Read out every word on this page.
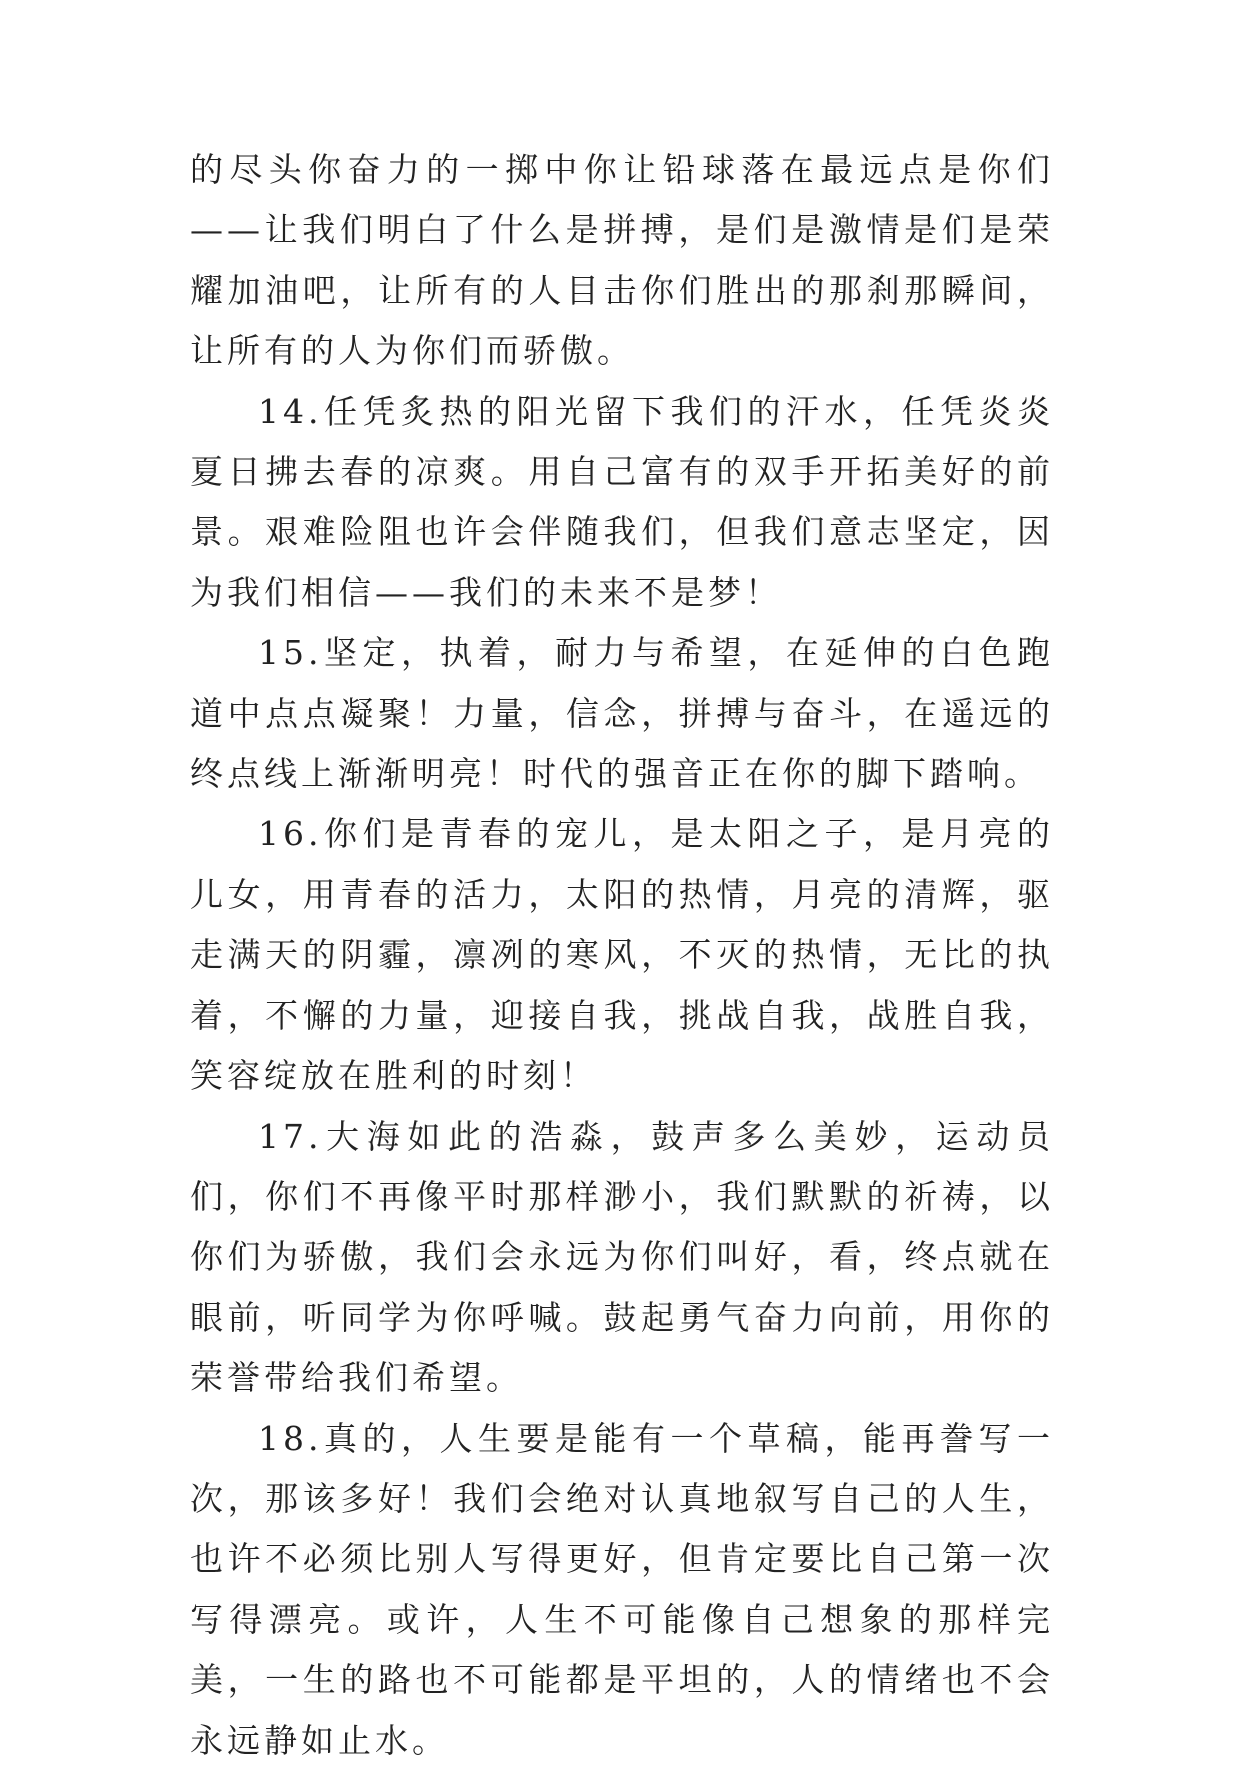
的尽头你奋力的一掷中你让铅球落在最远点是你们——让我们明白了什么是拼搏，是们是激情是们是荣耀加油吧，让所有的人目击你们胜出的那刹那瞬间，让所有的人为你们而骄傲。

14.任凭炙热的阳光留下我们的汗水，任凭炎炎夏日拂去春的凉爽。用自己富有的双手开拓美好的前景。艰难险阻也许会伴随我们，但我们意志坚定，因为我们相信——我们的未来不是梦！

15.坚定，执着，耐力与希望，在延伸的白色跑道中点点凝聚！力量，信念，拼搏与奋斗，在遥远的终点线上渐渐明亮！时代的强音正在你的脚下踏响。

16.你们是青春的宠儿，是太阳之子，是月亮的儿女，用青春的活力，太阳的热情，月亮的清辉，驱走满天的阴霾，凛冽的寒风，不灭的热情，无比的执着，不懈的力量，迎接自我，挑战自我，战胜自我，笑容绽放在胜利的时刻！

17.大海如此的浩淼，鼓声多么美妙，运动员们，你们不再像平时那样渺小，我们默默的祈祷，以你们为骄傲，我们会永远为你们叫好，看，终点就在眼前，听同学为你呼喊。鼓起勇气奋力向前，用你的荣誉带给我们希望。

18.真的，人生要是能有一个草稿，能再誊写一次，那该多好！我们会绝对认真地叙写自己的人生，也许不必须比别人写得更好，但肯定要比自己第一次写得漂亮。或许，人生不可能像自己想象的那样完美，一生的路也不可能都是平坦的，人的情绪也不会永远静如止水。
